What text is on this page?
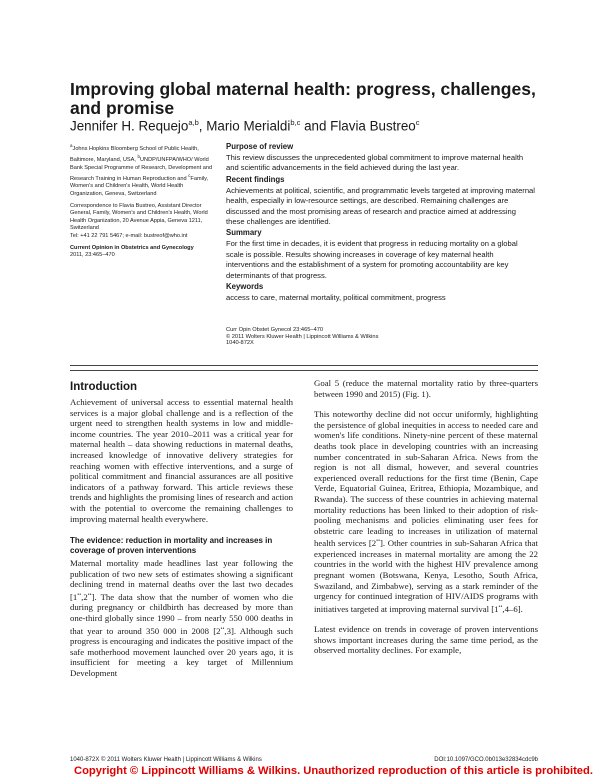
Improving global maternal health: progress, challenges, and promise
Jennifer H. Requejo$^{a,b}$, Mario Merialdi$^{b,c}$ and Flavia Bustreo$^c$

$^a$Johns Hopkins Bloomberg School of Public Health, Baltimore, Maryland, USA, $^b$UNDP/UNFPA/WHO/ World Bank Special Programme of Research, Development and Research Training in Human Reproduction and $^c$Family, Women's and Children's Health, World Health Organization, Geneva, Switzerland

Correspondence to Flavia Bustreo, Assistant Director General, Family, Women's and Children's Health, World Health Organization, 20 Avenue Appia, Geneva 1211, Switzerland
Tel: +41 22 791 5467; e-mail: bustreof@who.int

Current Opinion in Obstetrics and Gynecology
2011, 23:465–470

Purpose of review

This review discusses the unprecedented global commitment to improve maternal health and scientific advancements in the field achieved during the last year.

Recent findings

Achievements at political, scientific, and programmatic levels targeted at improving maternal health, especially in low-resource settings, are described. Remaining challenges are discussed and the most promising areas of research and practice aimed at addressing these challenges are identified.

Summary

For the first time in decades, it is evident that progress in reducing mortality on a global scale is possible. Results showing increases in coverage of key maternal health interventions and the establishment of a system for promoting accountability are key determinants of that progress.

Keywords

access to care, maternal mortality, political commitment, progress

Curr Opin Obstet Gynecol 23:465–470
© 2011 Wolters Kluwer Health | Lippincott Williams & Wilkins
1040-872X
Introduction

Achievement of universal access to essential maternal health services is a major global challenge and is a reflection of the urgent need to strengthen health systems in low and middle-income countries. The year 2010–2011 was a critical year for maternal health – data showing reductions in maternal deaths, increased knowledge of innovative delivery strategies for reaching women with effective interventions, and a surge of political commitment and financial assurances are all positive indicators of a pathway forward. This article reviews these trends and highlights the promising lines of research and action with the potential to overcome the remaining challenges to improving maternal health everywhere.

The evidence: reduction in mortality and increases in coverage of proven interventions

Maternal mortality made headlines last year following the publication of two new sets of estimates showing a significant declining trend in maternal deaths over the last two decades [1••,2••]. The data show that the number of women who die during pregnancy or childbirth has decreased by more than one-third globally since 1990 – from nearly 550 000 deaths in that year to around 350 000 in 2008 [2••,3]. Although such progress is encouraging and indicates the positive impact of the safe motherhood movement launched over 20 years ago, it is insufficient for meeting a key target of Millennium Development

Goal 5 (reduce the maternal mortality ratio by three-quarters between 1990 and 2015) (Fig. 1).

This noteworthy decline did not occur uniformly, highlighting the persistence of global inequities in access to needed care and women's life conditions. Ninety-nine percent of these maternal deaths took place in developing countries with an increasing number concentrated in sub-Saharan Africa. News from the region is not all dismal, however, and several countries experienced overall reductions for the first time (Benin, Cape Verde, Equatorial Guinea, Eritrea, Ethiopia, Mozambique, and Rwanda). The success of these countries in achieving maternal mortality reductions has been linked to their adoption of risk-pooling mechanisms and policies eliminating user fees for obstetric care leading to increases in utilization of maternal health services [2••]. Other countries in sub-Saharan Africa that experienced increases in maternal mortality are among the 22 countries in the world with the highest HIV prevalence among pregnant women (Botswana, Kenya, Lesotho, South Africa, Swaziland, and Zimbabwe), serving as a stark reminder of the urgency for continued integration of HIV/AIDS programs with initiatives targeted at improving maternal survival [1••,4–6].

Latest evidence on trends in coverage of proven interventions shows important increases during the same time period, as the observed mortality declines. For example,

1040-872X © 2011 Wolters Kluwer Health | Lippincott Williams & Wilkins	DOI:10.1097/GCO.0b013e32834cdc9b

Copyright © Lippincott Williams & Wilkins. Unauthorized reproduction of this article is prohibited.
